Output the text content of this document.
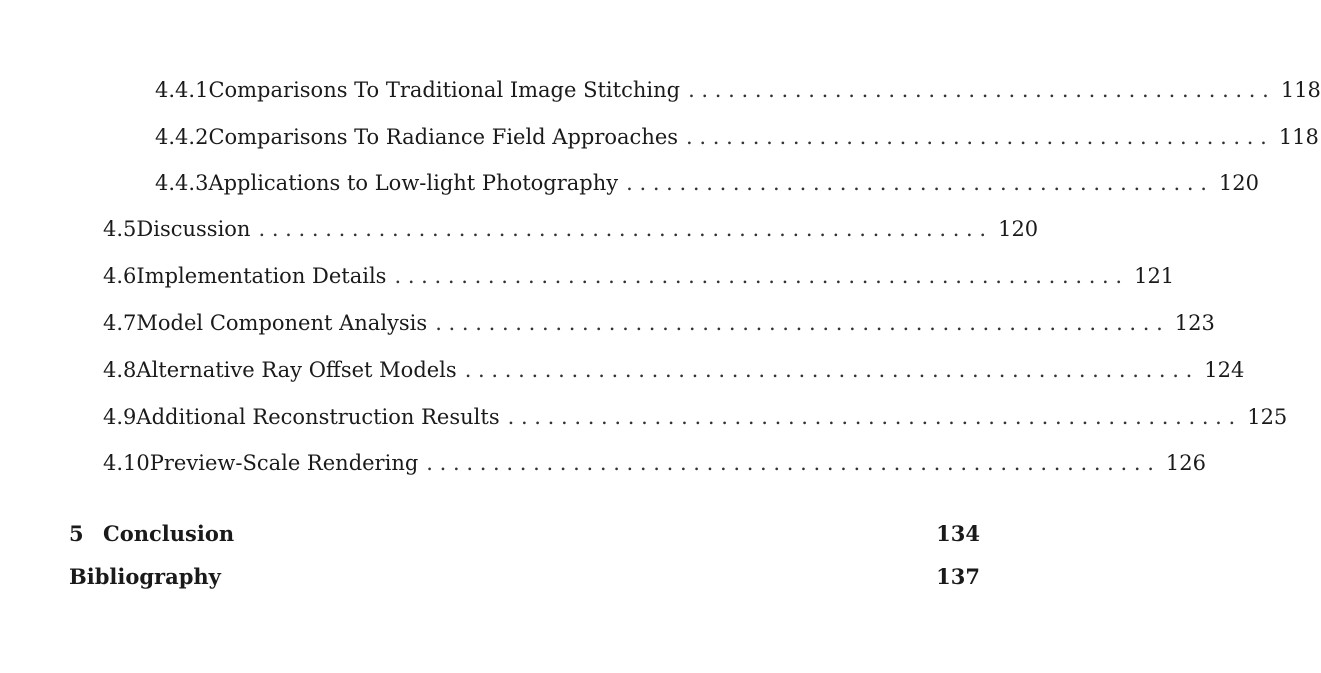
4.4.1 Comparisons To Traditional Image Stitching . . . . . . . . . . . . . . . . . . . . . . . . . . . . . . . . . . . . . . . . . . . . 118
4.4.2 Comparisons To Radiance Field Approaches . . . . . . . . . . . . . . . . . . . . . . . . . . . . . . . . . . . . . . . . . . . . 118
4.4.3 Applications to Low-light Photography . . . . . . . . . . . . . . . . . . . . . . . . . . . . . . . . . . . . . . . . . . . . 120
4.5 Discussion . . . . . . . . . . . . . . . . . . . . . . . . . . . . . . . . . . . . . . . . . . . . . . . . . . . . . . . 120
4.6 Implementation Details . . . . . . . . . . . . . . . . . . . . . . . . . . . . . . . . . . . . . . . . . . . . . . . . . . . . . . . 121
4.7 Model Component Analysis . . . . . . . . . . . . . . . . . . . . . . . . . . . . . . . . . . . . . . . . . . . . . . . . . . . . . . . 123
4.8 Alternative Ray Offset Models . . . . . . . . . . . . . . . . . . . . . . . . . . . . . . . . . . . . . . . . . . . . . . . . . . . . . . . 124
4.9 Additional Reconstruction Results . . . . . . . . . . . . . . . . . . . . . . . . . . . . . . . . . . . . . . . . . . . . . . . . . . . . . . . 125
4.10 Preview-Scale Rendering . . . . . . . . . . . . . . . . . . . . . . . . . . . . . . . . . . . . . . . . . . . . . . . . . . . . . . . 126
5 Conclusion	134
Bibliography	137
